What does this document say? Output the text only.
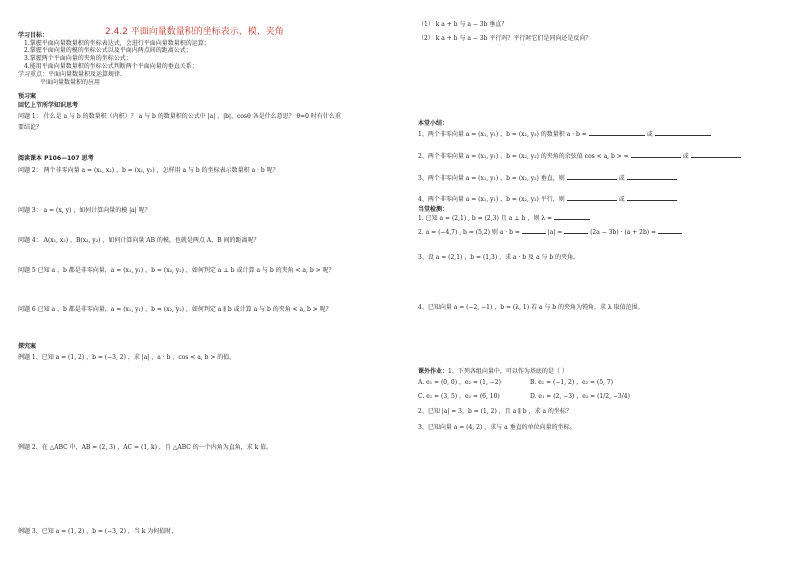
2.4.2 平面向量数量积的坐标表示、模、夹角
学习目标：
1.掌握平面向量数量积的坐标表达式，会进行平面向量数量积的运算；
2.掌握平面向量的模的坐标公式以及平面内两点间的距离公式；
3.掌握两个平面向量的夹角的坐标公式；
4.能用平面向量数量积的坐标公式判断两个平面向量的垂直关系；
学习重点：平面向量数量积及运算规律.
平面向量数量积的应用
预习案
回忆上节所学知识思考
问题 1： 什么是 a 与 b 的数量积（内积）？ a 与 b 的数量积的公式中 |a| 、|b|、cosθ 各是什么意思？ θ=0 时有什么重
要结论？
阅读课本 P106—107 思考
问题 2： 两个非零向量 a = (x₁, x₂) ，b = (x₂, y₂) ，怎样用 a 与 b 的坐标表示数量积 a · b 呢？
问题 3： a = (x, y) ，如何计算向量的模 |a| 呢？
问题 4： A(x₁, x₂) ，B(x₂, y₂) ，如何计算向量 AB 的模，也就是两点 A、B 间的距离呢？
问题 5 已知 a 、b 都是非零向量，a = (x₁, y₁) ，b = (x₂, y₂) ，如何判定 a ⊥ b 或计算 a 与 b 的夹角 < a, b > 呢？
问题 6 已知 a 、b 都是非零向量，a = (x₁, y₁) ，b = (x₂, y₂) ，如何判定 a ∥ b 或计算 a 与 b 的夹角 < a, b > 呢？
探究案
例题 1、已知 a = (1, 2) ，b = (−3, 2) ，求 |a| 、a · b 、cos < a, b > 的值。
例题 2、在 △ABC 中，AB = (2, 3) ，AC = (1, k) ，且 △ABC 的一个内角为直角，求 k 值。
例题 3、已知 a = (1, 2) ，b = (−3, 2) ，当 k 为何值时，
（1） k a + b 与 a − 3b 垂直？
（2） k a + b 与 a − 3b 平行吗？平行时它们是同向还是反向？
本堂小结：
1、两个非零向量 a = (x₁, y₁) ，b = (x₂, y₂) 的数量积 a · b =	或
2、两个非零向量 a = (x₁, y₁) ，b = (x₂, y₂) 的夹角的余弦值 cos < a, b > =	或
3、两个非零向量 a = (x₁, y₁) ，b = (x₂, y₂) 垂直，则	或
4、两个非零向量 a = (x₁, y₁) ，b = (x₂, y₂) 平行，则	或
当堂检测：
1. 已知 a = (2,1) , b = (2,3) 且 a ⊥ b ，则 λ =
2. a = (−4,7) , b = (5,2) 则 a · b =	|a| =	(2a − 3b) · (a + 2b) =
3、设 a = (2,1) ，b = (1,3) ，求 a · b 及 a 与 b 的夹角。
4、已知向量 a = (−2, −1) ，b = (λ, 1) 若 a 与 b 的夹角为钝角，求 λ 取值范围。
课外作业：1、下列各组向量中，可以作为基底的是（ ）
A. e₁ = (0, 0) ，e₂ = (1, −2)	B. e₁ = (−1, 2) ，e₂ = (5, 7)
C. e₁ = (3, 5) ，e₂ = (6, 10)	D. e₁ = (2, −3) ，e₂ = (1/2, −3/4)
2、已知 |a| = 3，b = (1, 2) ，且 a ∥ b ，求 a 的坐标？
3、已知向量 a = (4, 2) ，求与 a 垂直的单位向量的坐标。
